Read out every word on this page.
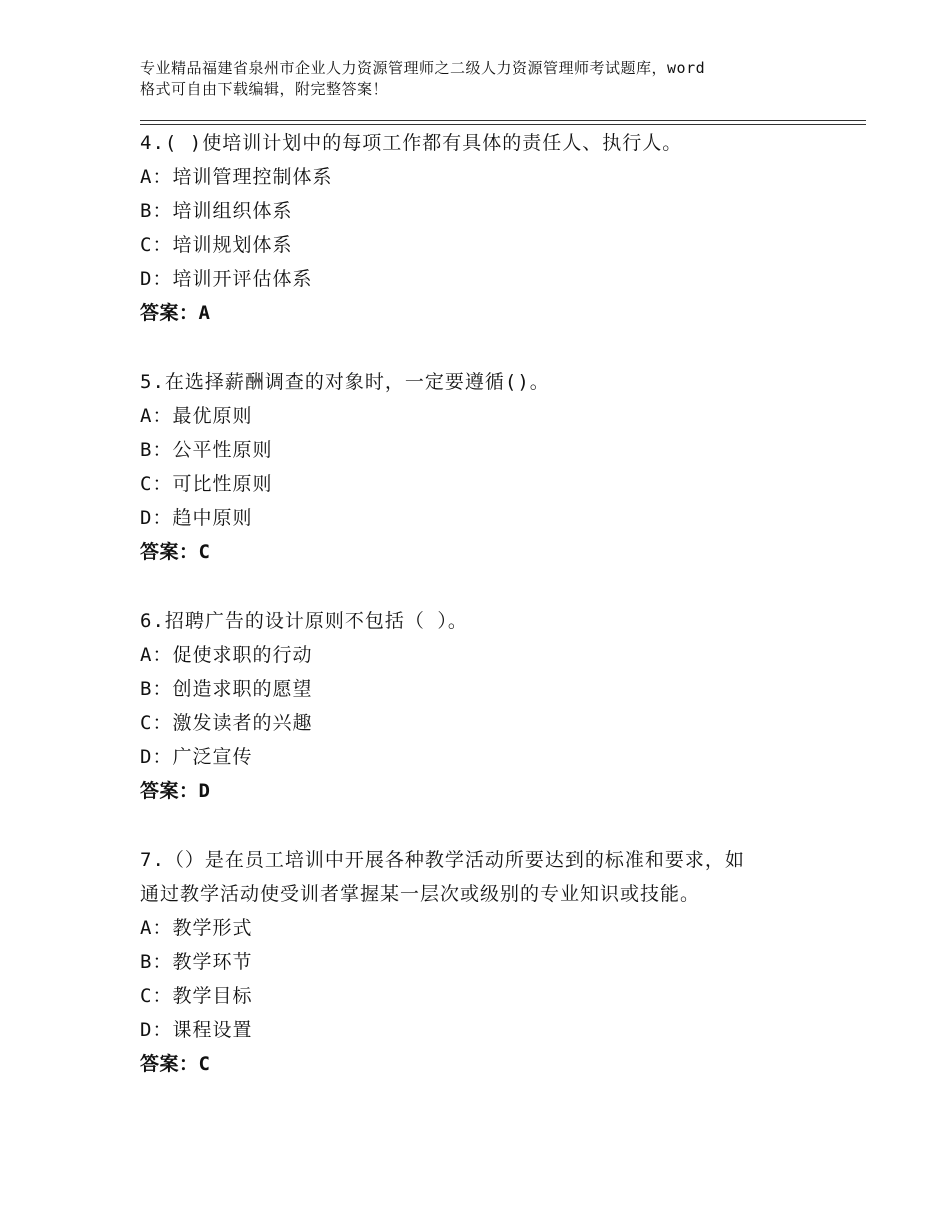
专业精品福建省泉州市企业人力资源管理师之二级人力资源管理师考试题库，word
格式可自由下载编辑，附完整答案！
4.( )使培训计划中的每项工作都有具体的责任人、执行人。
A：培训管理控制体系
B：培训组织体系
C：培训规划体系
D：培训开评估体系
答案：A
5.在选择薪酬调查的对象时，一定要遵循()。
A：最优原则
B：公平性原则
C：可比性原则
D：趋中原则
答案：C
6.招聘广告的设计原则不包括（ ）。
A：促使求职的行动
B：创造求职的愿望
C：激发读者的兴趣
D：广泛宣传
答案：D
7.（）是在员工培训中开展各种教学活动所要达到的标准和要求，如
通过教学活动使受训者掌握某一层次或级别的专业知识或技能。
A：教学形式
B：教学环节
C：教学目标
D：课程设置
答案：C
